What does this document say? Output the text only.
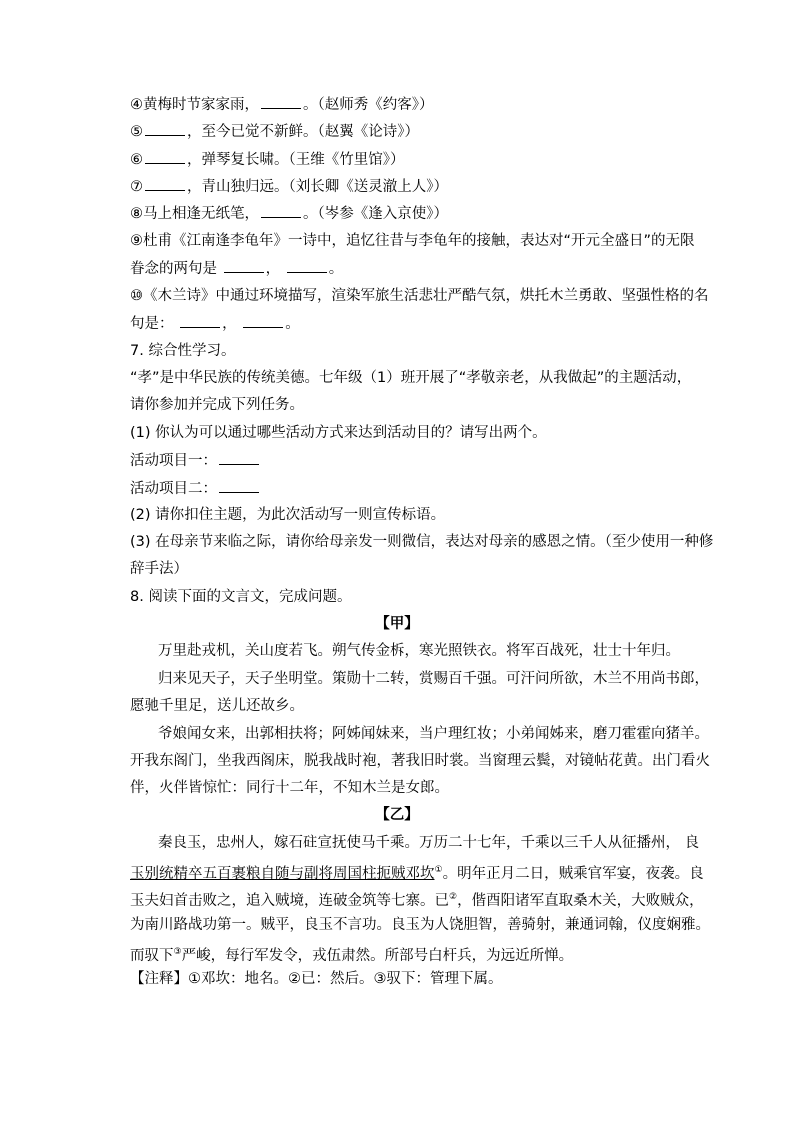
④黄梅时节家家雨，	。（赵师秀《约客》）
⑤	，至今已觉不新鲜。（赵翼《论诗》）
⑥	，弹琴复长啸。（王维《竹里馆》）
⑦	，青山独归远。（刘长卿《送灵澈上人》）
⑧马上相逢无纸笔，	。（岑参《逢入京使》）
⑨杜甫《江南逢李龟年》一诗中，追忆往昔与李龟年的接触，表达对“开元全盛日”的无限
眷念的两句是	，	。
⑩《木兰诗》中通过环境描写，渲染军旅生活悲壮严酷气氛，烘托木兰勇敢、坚强性格的名
句是：	，	。
7. 综合性学习。
“孝”是中华民族的传统美德。七年级（1）班开展了“孝敬亲老，从我做起”的主题活动，
请你参加并完成下列任务。
(1) 你认为可以通过哪些活动方式来达到活动目的？请写出两个。
活动项目一：
活动项目二：
(2) 请你扣住主题，为此次活动写一则宣传标语。
(3) 在母亲节来临之际，请你给母亲发一则微信，表达对母亲的感恩之情。（至少使用一种修
辞手法）
8. 阅读下面的文言文，完成问题。
【甲】
万里赴戎机，关山度若飞。朔气传金柝，寒光照铁衣。将军百战死，壮士十年归。
归来见天子，天子坐明堂。策勋十二转，赏赐百千强。可汗问所欲，木兰不用尚书郎，
愿驰千里足，送儿还故乡。
爷娘闻女来，出郭相扶将；阿姊闻妹来，当户理红妆；小弟闻姊来，磨刀霍霍向猪羊。
开我东阁门，坐我西阁床，脱我战时袍，著我旧时裳。当窗理云鬓，对镜帖花黄。出门看火
伴，火伴皆惊忙：同行十二年，不知木兰是女郎。
【乙】
秦良玉，忠州人，嫁石砫宣抚使马千乘。万历二十七年，千乘以三千人从征播州， 良
玉别统精卒五百裹粮自随与副将周国柱扼贼邓坎①。明年正月二日，贼乘官军宴，夜袭。良
玉夫妇首击败之，追入贼境，连破金筑等七寨。已②，偕酉阳诸军直取桑木关，大败贼众，
为南川路战功第一。贼平，良玉不言功。良玉为人饶胆智，善骑射，兼通词翰，仪度娴雅。
而驭下③严峻，每行军发令，戎伍肃然。所部号白杆兵，为远近所惮。
【注释】①邓坎：地名。②已：然后。③驭下：管理下属。
